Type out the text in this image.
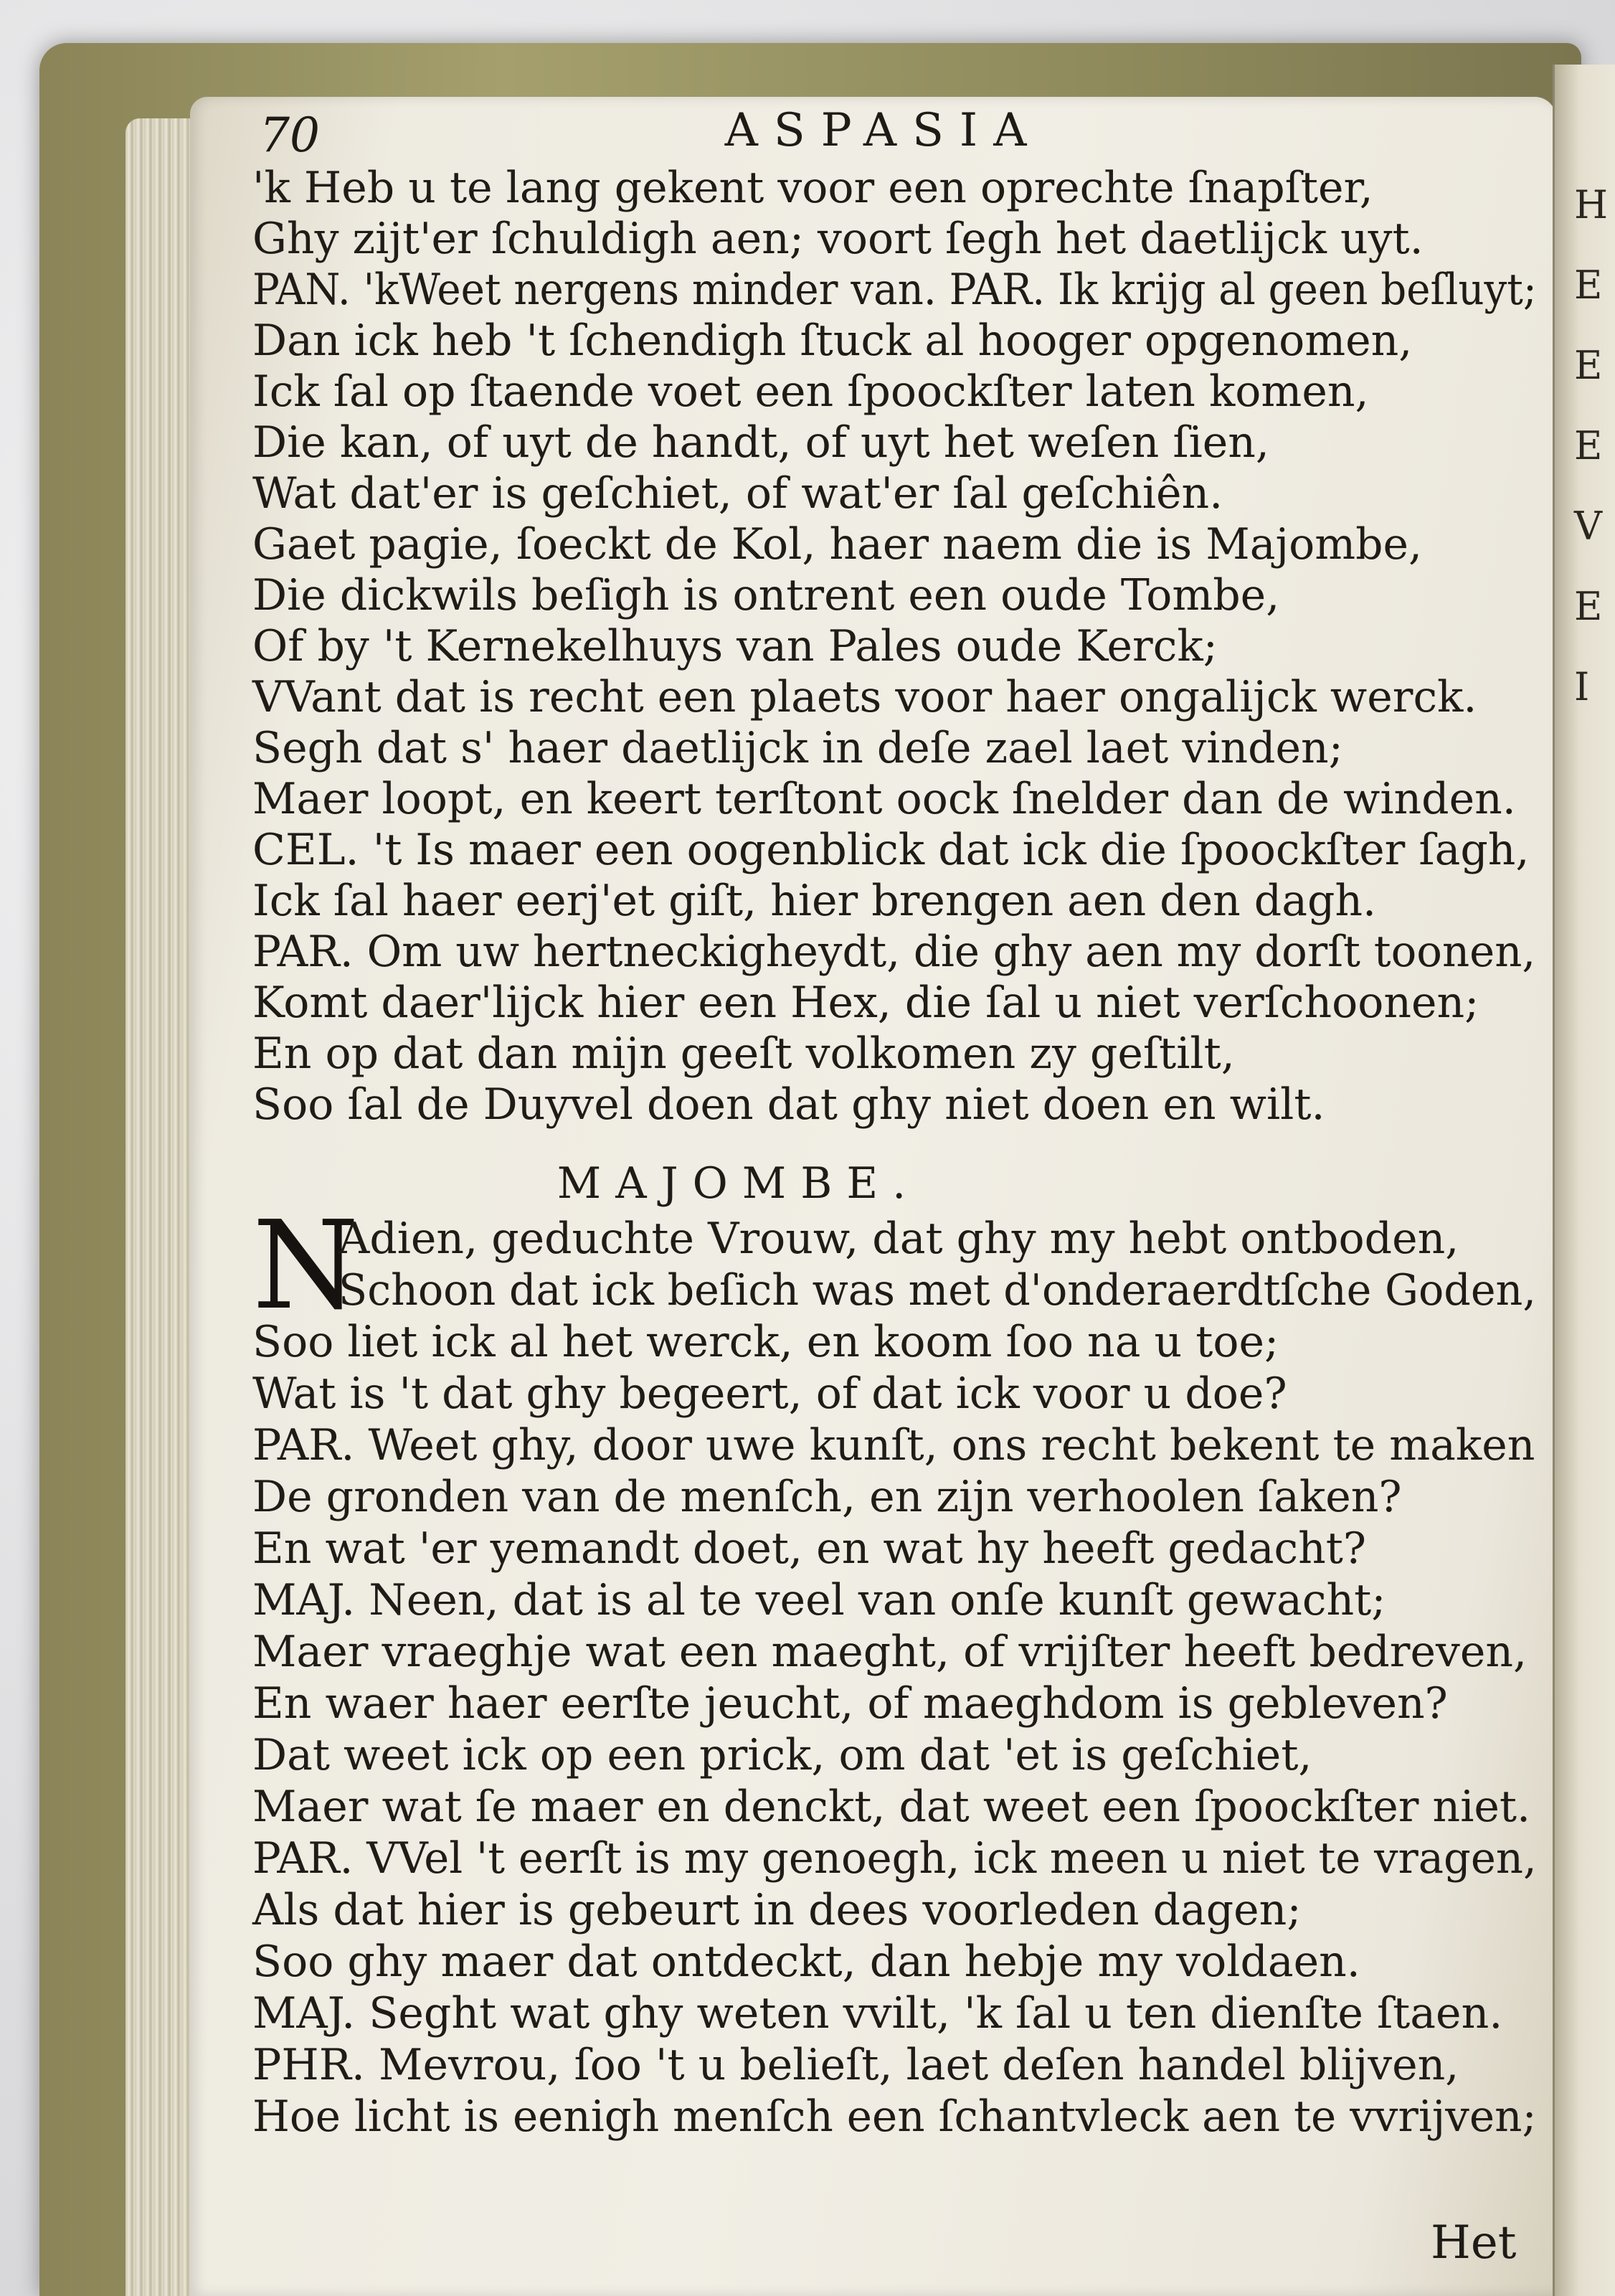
H
E
E
E
V
E
I
70	ASPASIA
'k Heb u te lang gekent voor een oprechte ſnapſter,
Ghy zijt'er ſchuldigh aen; voort ſegh het daetlijck uyt.
PAN. 'kWeet nergens minder van. PAR. Ik krijg al geen beſluyt;
Dan ick heb 't ſchendigh ſtuck al hooger opgenomen,
Ick ſal op ſtaende voet een ſpoockſter laten komen,
Die kan, of uyt de handt, of uyt het weſen ſien,
Wat dat'er is geſchiet, of wat'er ſal geſchiên.
Gaet pagie, ſoeckt de Kol, haer naem die is Majombe,
Die dickwils beſigh is ontrent een oude Tombe,
Of by 't Kernekelhuys van Pales oude Kerck;
VVant dat is recht een plaets voor haer ongalijck werck.
Segh dat s' haer daetlijck in deſe zael laet vinden;
Maer loopt, en keert terſtont oock ſnelder dan de winden.
CEL. 't Is maer een oogenblick dat ick die ſpoockſter ſagh,
Ick ſal haer eerj'et giſt, hier brengen aen den dagh.
PAR. Om uw hertneckigheydt, die ghy aen my dorſt toonen,
Komt daer'lijck hier een Hex, die ſal u niet verſchoonen;
En op dat dan mijn geeſt volkomen zy geſtilt,
Soo ſal de Duyvel doen dat ghy niet doen en wilt.
MAJOMBE.
N
Adien, geduchte Vrouw, dat ghy my hebt ontboden,
Schoon dat ick beſich was met d'onderaerdtſche Goden,
Soo liet ick al het werck, en koom ſoo na u toe;
Wat is 't dat ghy begeert, of dat ick voor u doe?
PAR. Weet ghy, door uwe kunſt, ons recht bekent te maken
De gronden van de menſch, en zijn verhoolen ſaken?
En wat 'er yemandt doet, en wat hy heeft gedacht?
MAJ. Neen, dat is al te veel van onſe kunſt gewacht;
Maer vraeghje wat een maeght, of vrijſter heeft bedreven,
En waer haer eerſte jeucht, of maeghdom is gebleven?
Dat weet ick op een prick, om dat 'et is geſchiet,
Maer wat ſe maer en denckt, dat weet een ſpoockſter niet.
PAR. VVel 't eerſt is my genoegh, ick meen u niet te vragen,
Als dat hier is gebeurt in dees voorleden dagen;
Soo ghy maer dat ontdeckt, dan hebje my voldaen.
MAJ. Seght wat ghy weten vvilt, 'k ſal u ten dienſte ſtaen.
PHR. Mevrou, ſoo 't u belieſt, laet deſen handel blijven,
Hoe licht is eenigh menſch een ſchantvleck aen te vvrijven;
Het
